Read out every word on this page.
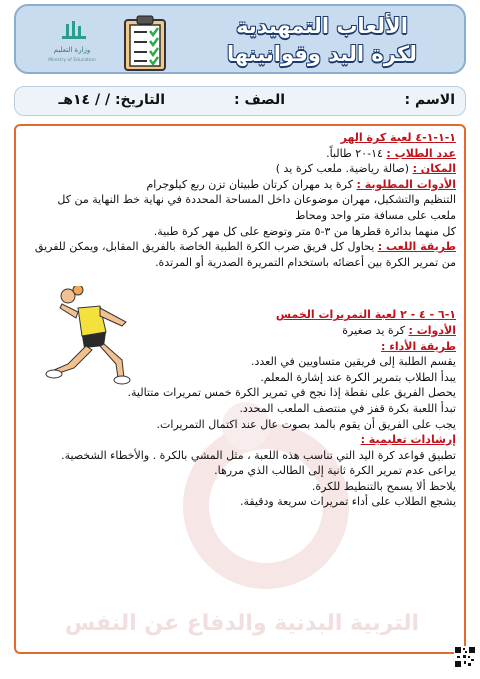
وزارة التعليم
Ministry of Education
الألعاب التمهيدية
لكرة اليد وقوانينها
الاسم :
الصف :
التاريخ: / / ١٤هـ

١-١-١-٤ لعبة كرة الهر

عدد الطلاب : ١٤-٢٠ طالباً.

المكان : (صالة رياضية. ملعب كرة يد )

الأدوات المطلوبة : كرة يد مهران كرتان طبيتان تزن ربع كيلوجرام

التنظيم والتشكيل، مهران موضوعان داخل المساحة المحددة في نهاية خط النهاية من كل

ملعب على مسافة متر واحد ومحاط

كل منهما بدائرة قطرها من ٣-٥ متر وتوضع على كل مهر كرة طبية.

طريقة اللعب : يحاول كل فريق ضرب الكرة الطبية الخاصة بالفريق المقابل، ويمكن للفريق

من تمرير الكرة بين أعضائه باستخدام التمريرة الصدرية أو المرتدة.

١-٦ - ٤ - ٢ لعبة التمريرات الخمس

الأدوات : كرة يد صغيرة

طريقة الأداء :

يقسم الطلبة إلى فريقين متساويين في العدد.

يبدأ الطلاب بتمرير الكرة عند إشارة المعلم.

يحصل الفريق على نقطة إذا نجح في تمرير الكرة خمس تمريرات متتالية.

تبدأ اللعبة بكرة قفز في منتصف الملعب المحدد.

يجب على الفريق أن يقوم بالمد بصوت عال عند اكتمال التمريرات.

إرشادات تعليمية :

تطبيق قواعد كرة اليد التي تناسب هذه اللعبة ، مثل المشي بالكرة . والأخطاء الشخصية.

يراعى عدم تمرير الكرة ثانية إلى الطالب الذي مررها.

يلاحظ ألا يسمح بالتنطيط للكرة.

يشجع الطلاب على أداء تمريرات سريعة ودقيقة.

التربية البدنية والدفاع عن النفس
